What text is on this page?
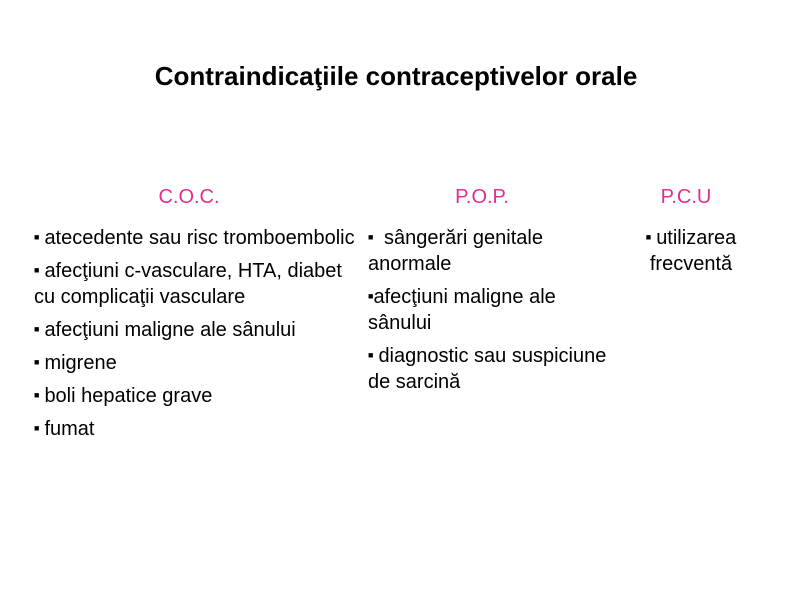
Contraindicaţiile contraceptivelor orale
C.O.C.
■ atecedente sau risc tromboembolic
■ afecţiuni c-vasculare, HTA, diabet cu complicaţii vasculare
■ afecţiuni maligne ale sânului
■ migrene
■ boli hepatice grave
■ fumat
P.O.P.
■ sângerări genitale anormale
■afecţiuni maligne ale sânului
■ diagnostic sau suspiciune de sarcină
P.C.U
■ utilizarea frecventă
